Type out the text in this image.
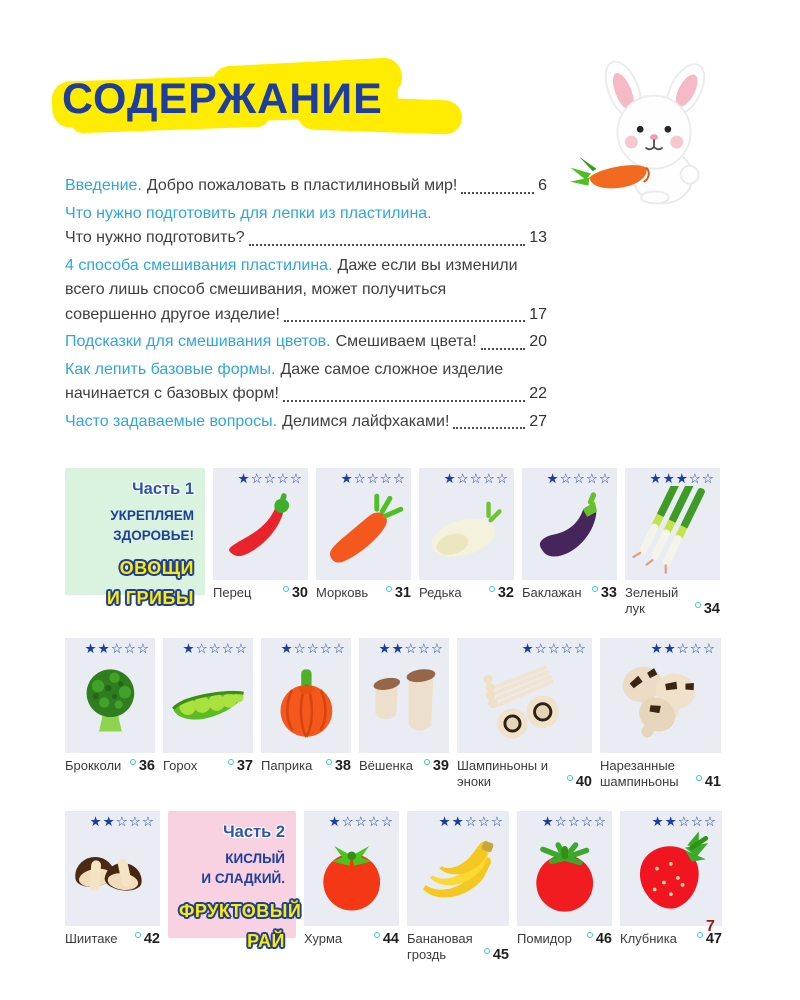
СОДЕРЖАНИЕ
Введение. Добро пожаловать в пластилиновый мир!	6
Что нужно подготовить для лепки из пластилина.
Что нужно подготовить?	13
4 способа смешивания пластилина. Даже если вы изменили
всего лишь способ смешивания, может получиться
совершенно другое изделие!	17
Подсказки для смешивания цветов. Смешиваем цвета!	20
Как лепить базовые формы. Даже самое сложное изделие
начинается с базовых форм!	22
Часто задаваемые вопросы. Делимся лайфхаками!	27
Часть 1
УКРЕПЛЯЕМ
ЗДОРОВЬЕ!
ОВОЩИ
И ГРИБЫ
★☆☆☆☆
Перец	30
★☆☆☆☆
Морковь	31
★☆☆☆☆
Редька	32
★☆☆☆☆
Баклажан	33
★★★☆☆
Зеленый лук	34
★★☆☆☆
Брокколи	36
★☆☆☆☆
Горох	37
★☆☆☆☆
Паприка	38
★★☆☆☆
Вёшенка	39
★☆☆☆☆
Шампиньоны и эноки	40
★★☆☆☆
Нарезанные шампиньоны	41
★★☆☆☆
Шиитаке	42
Часть 2
КИСЛЫЙ
И СЛАДКИЙ.
ФРУКТОВЫЙ
РАЙ
★☆☆☆☆
Хурма	44
★★☆☆☆
Банановая гроздь	45
★☆☆☆☆
Помидор	46
★★☆☆☆
Клубника	47
7
